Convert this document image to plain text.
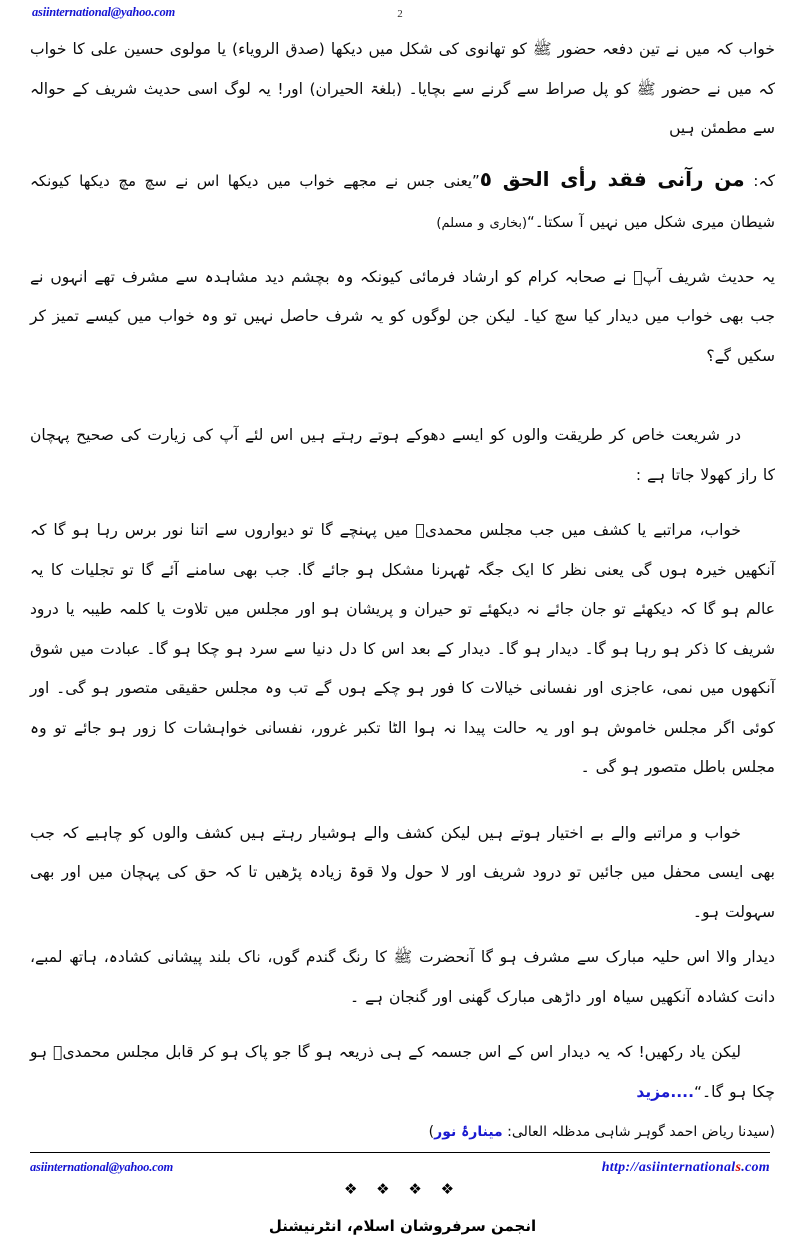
asiinternational@yahoo.com	2

خواب کہ میں نے تین دفعہ حضور ﷺ کو تھانوی کی شکل میں دیکھا (صدق الرویاء) یا مولوی حسین علی کا خواب کہ میں نے حضور ﷺ کو پل صراط سے گرنے سے بچایا۔ (بلغۃ الحیران) اور! یہ لوگ اسی حدیث شریف کے حوالہ سے مطمئن ہیں

کہ: من رآنی فقد رأی الحق ٥”یعنی جس نے مجھے خواب میں دیکھا اس نے سچ مچ دیکھا کیونکہ شیطان میری شکل میں نہیں آ سکتا۔“(بخاری و مسلم)

یہ حدیث شریف آپؐ نے صحابہ کرام کو ارشاد فرمائی کیونکہ وہ بچشم دید مشاہدہ سے مشرف تھے انہوں نے جب بھی خواب میں دیدار کیا سچ کیا۔ لیکن جن لوگوں کو یہ شرف حاصل نہیں تو وہ خواب میں کیسے تمیز کر سکیں گے؟

در شریعت خاص کر طریقت والوں کو ایسے دھوکے ہوتے رہتے ہیں اس لئے آپ کی زیارت کی صحیح پہچان کا راز کھولا جاتا ہے :

خواب، مراتبے یا کشف میں جب مجلس محمدیؐ میں پہنچے گا تو دیواروں سے اتنا نور برس رہا ہو گا کہ آنکھیں خیرہ ہوں گی یعنی نظر کا ایک جگہ ٹھہرنا مشکل ہو جائے گا. جب بھی سامنے آئے گا تو تجلیات کا یہ عالم ہو گا کہ دیکھئے تو جان جائے نہ دیکھئے تو حیران و پریشان ہو اور مجلس میں تلاوت یا کلمہ طیبہ یا درود شریف کا ذکر ہو رہا ہو گا۔ دیدار ہو گا۔ دیدار کے بعد اس کا دل دنیا سے سرد ہو چکا ہو گا۔ عبادت میں شوق آنکھوں میں نمی، عاجزی اور نفسانی خیالات کا فور ہو چکے ہوں گے تب وہ مجلس حقیقی متصور ہو گی۔ اور کوئی اگر مجلس خاموش ہو اور یہ حالت پیدا نہ ہوا الٹا تکبر غرور، نفسانی خواہشات کا زور ہو جائے تو وہ مجلس باطل متصور ہو گی ۔

خواب و مراتبے والے بے اختیار ہوتے ہیں لیکن کشف والے ہوشیار رہتے ہیں کشف والوں کو چاہیے کہ جب بھی ایسی محفل میں جائیں تو درود شریف اور لا حول ولا قوۃ زیادہ پڑھیں تا کہ حق کی پہچان میں اور بھی سہولت ہو۔

دیدار والا اس حلیہ مبارک سے مشرف ہو گا آنحضرت ﷺ کا رنگ گندم گوں، ناک بلند پیشانی کشادہ، ہاتھ لمبے، دانت کشادہ آنکھیں سیاہ اور داڑھی مبارک گھنی اور گنجان ہے ۔

لیکن یاد رکھیں! کہ یہ دیدار اس کے اس جسمہ کے ہی ذریعہ ہو گا جو پاک ہو کر قابل مجلس محمدیؐ ہو چکا ہو گا۔“....مزید

(سیدنا ریاض احمد گوہر شاہی مدظلہ العالی: مینارۂ نور)
❖ ❖ ❖ ❖
انجمن سرفروشان اسلام، انٹرنیشنل
asiinternational@yahoo.com	http://asiinternationals.com
